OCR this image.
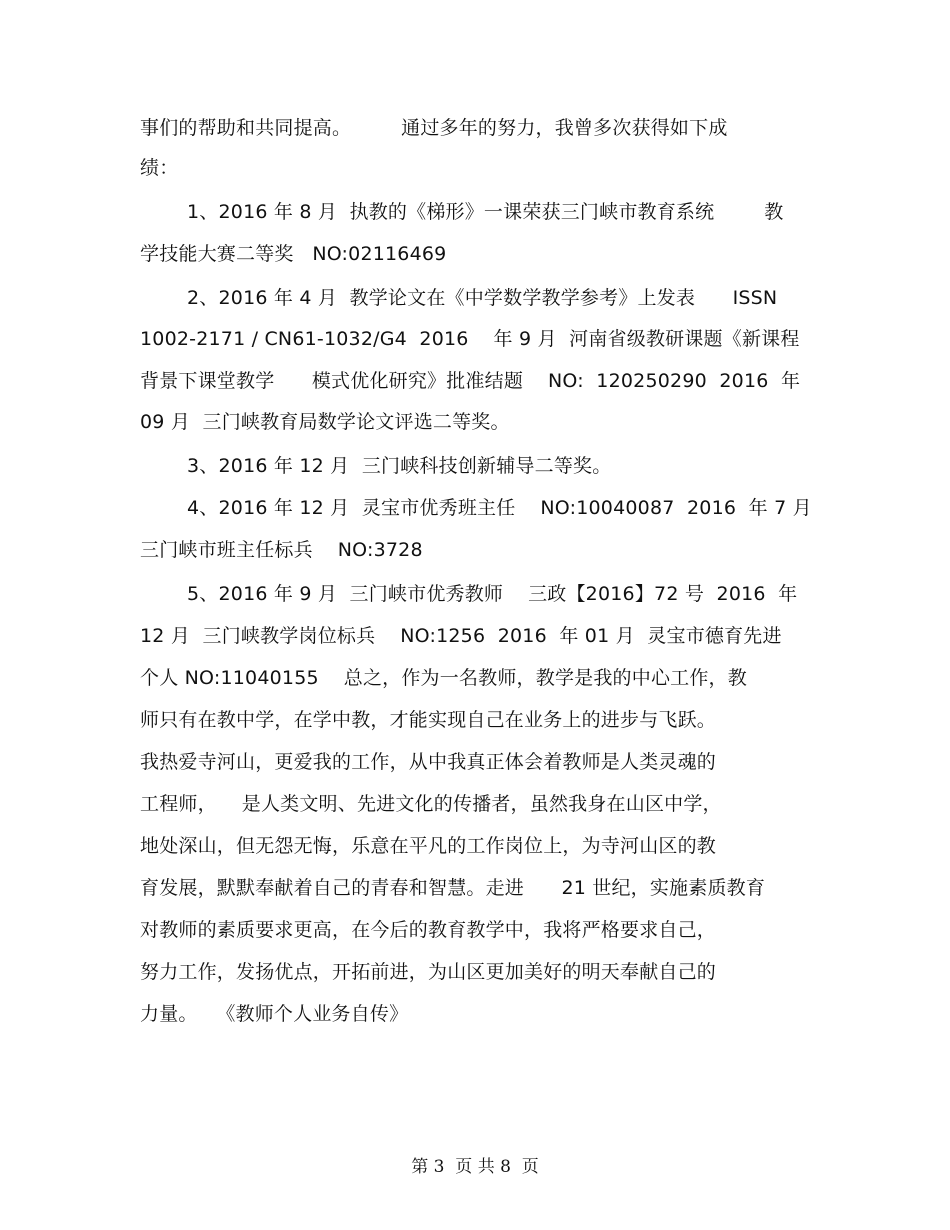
事们的帮助和共同提高。        通过多年的努力，我曾多次获得如下成
绩：
1、2016 年 8 月  执教的《梯形》一课荣获三门峡市教育系统        教
学技能大赛二等奖   NO:02116469
2、2016 年 4 月  教学论文在《中学数学教学参考》上发表      ISSN
1002-2171 / CN61-1032/G4  2016    年 9 月  河南省级教研课题《新课程
背景下课堂教学      模式优化研究》批准结题    NO:  120250290  2016  年
09 月  三门峡教育局数学论文评选二等奖。
3、2016 年 12 月  三门峡科技创新辅导二等奖。
4、2016 年 12 月  灵宝市优秀班主任    NO:10040087  2016  年 7 月
三门峡市班主任标兵    NO:3728
5、2016 年 9 月  三门峡市优秀教师    三政【2016】72 号  2016  年
12 月  三门峡教学岗位标兵    NO:1256  2016  年 01 月  灵宝市德育先进
个人 NO:11040155    总之，作为一名教师，教学是我的中心工作，教
师只有在教中学，在学中教，才能实现自己在业务上的进步与飞跃。
我热爱寺河山，更爱我的工作，从中我真正体会着教师是人类灵魂的
工程师，    是人类文明、先进文化的传播者，虽然我身在山区中学，
地处深山，但无怨无悔，乐意在平凡的工作岗位上，为寺河山区的教
育发展，默默奉献着自己的青春和智慧。走进      21 世纪，实施素质教育
对教师的素质要求更高，在今后的教育教学中，我将严格要求自己，
努力工作，发扬优点，开拓前进，为山区更加美好的明天奉献自己的
力量。   《教师个人业务自传》
第 3  页 共 8  页
